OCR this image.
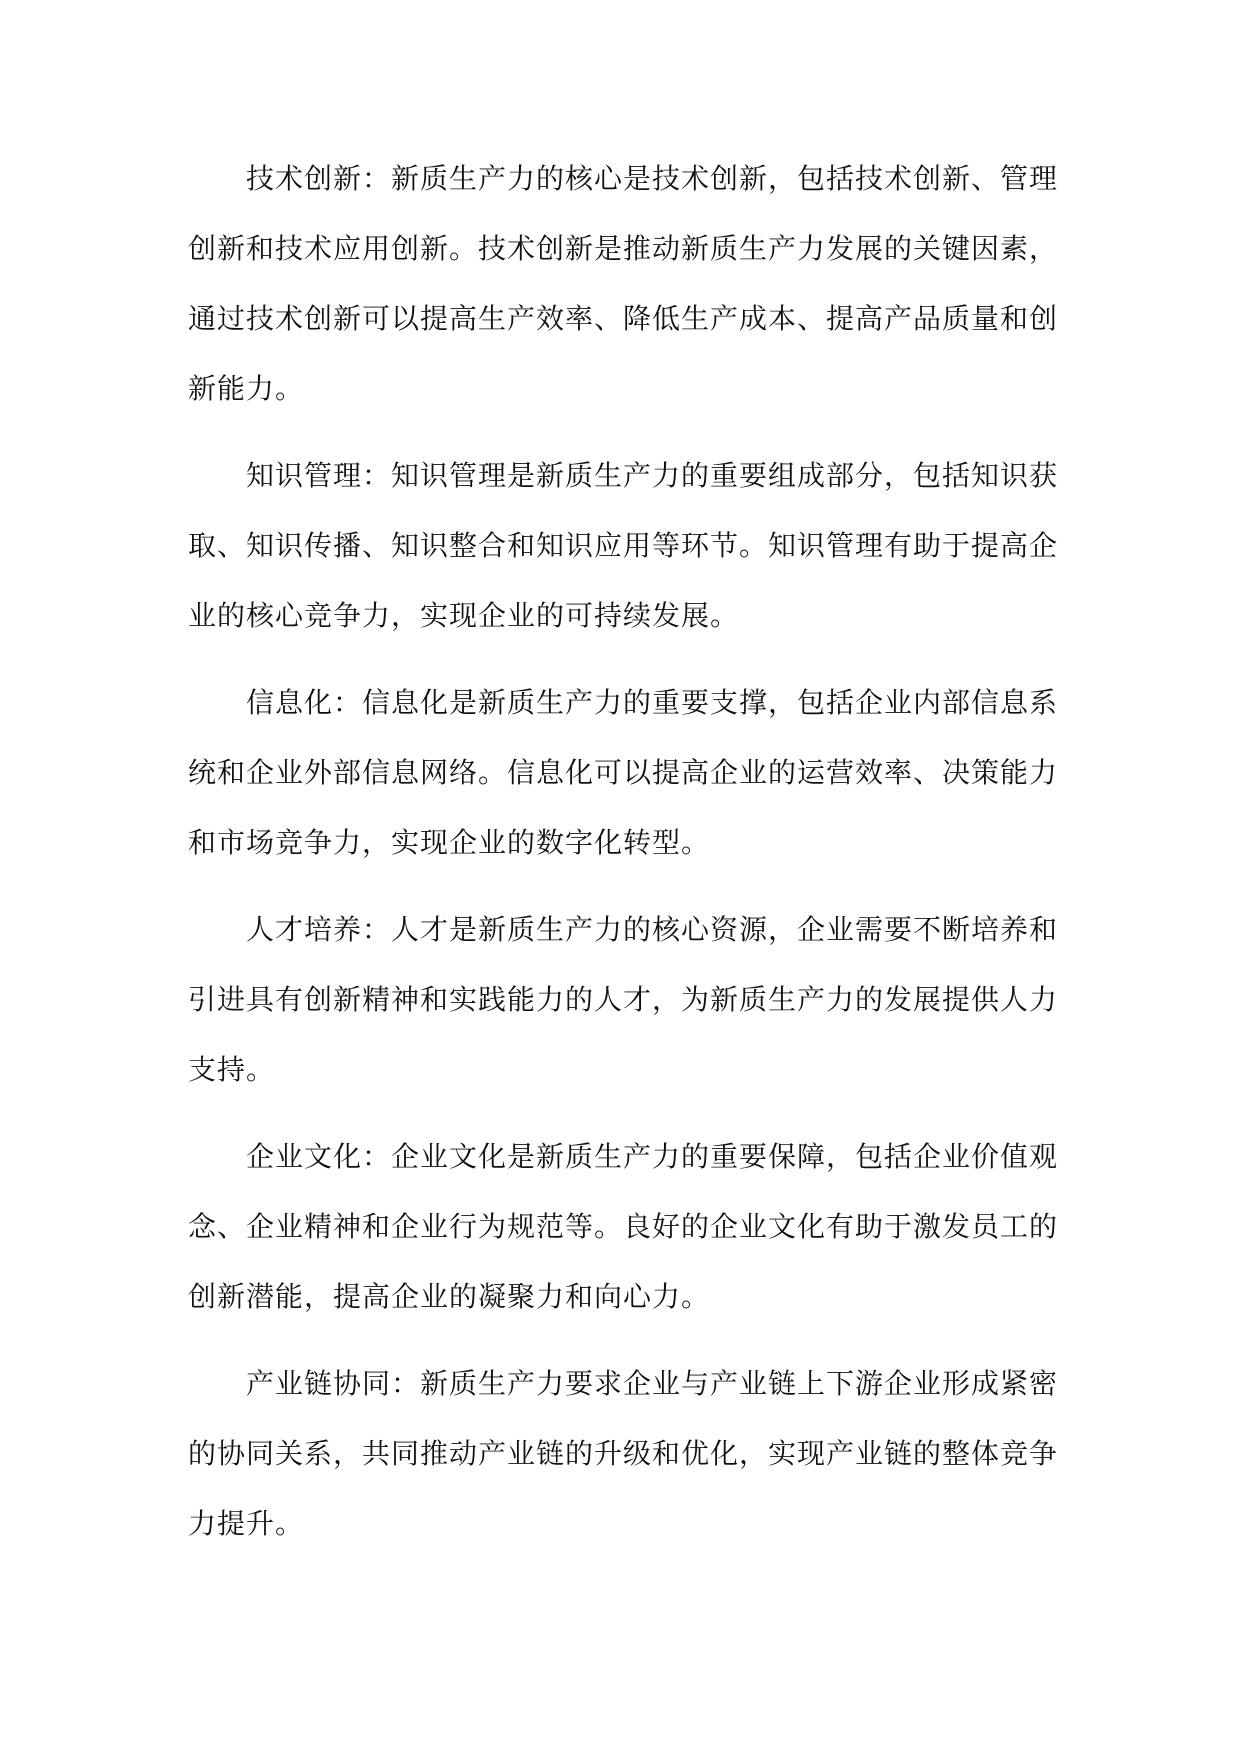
技术创新：新质生产力的核心是技术创新，包括技术创新、管理创新和技术应用创新。技术创新是推动新质生产力发展的关键因素，通过技术创新可以提高生产效率、降低生产成本、提高产品质量和创新能力。

知识管理：知识管理是新质生产力的重要组成部分，包括知识获取、知识传播、知识整合和知识应用等环节。知识管理有助于提高企业的核心竞争力，实现企业的可持续发展。

信息化：信息化是新质生产力的重要支撑，包括企业内部信息系统和企业外部信息网络。信息化可以提高企业的运营效率、决策能力和市场竞争力，实现企业的数字化转型。

人才培养：人才是新质生产力的核心资源，企业需要不断培养和引进具有创新精神和实践能力的人才，为新质生产力的发展提供人力支持。

企业文化：企业文化是新质生产力的重要保障，包括企业价值观念、企业精神和企业行为规范等。良好的企业文化有助于激发员工的创新潜能，提高企业的凝聚力和向心力。

产业链协同：新质生产力要求企业与产业链上下游企业形成紧密的协同关系，共同推动产业链的升级和优化，实现产业链的整体竞争力提升。
